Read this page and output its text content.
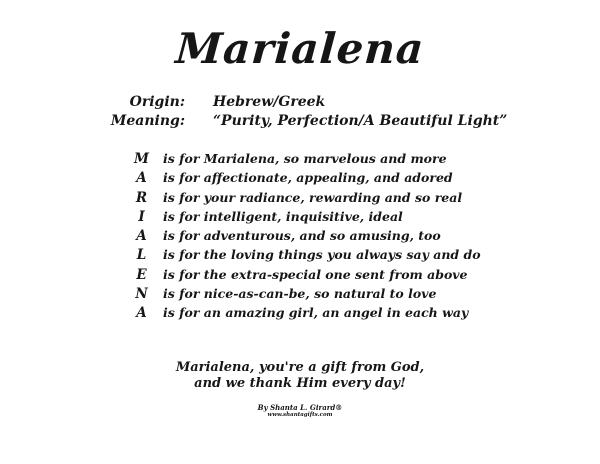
Marialena
Origin: Hebrew/Greek
Meaning: “Purity, Perfection/A Beautiful Light”
M is for Marialena, so marvelous and more
A	is for affectionate, appealing, and adored
R	is for your radiance, rewarding and so real
I	is for intelligent, inquisitive, ideal
A	is for adventurous, and so amusing, too
L	is for the loving things you always say and do
E	is for the extra-special one sent from above
N	is for nice-as-can-be, so natural to love
A	is for an amazing girl, an angel in each way
Marialena, you're a gift from God,
and we thank Him every day!
By Shanta L. Girard®
www.shantagifts.com
